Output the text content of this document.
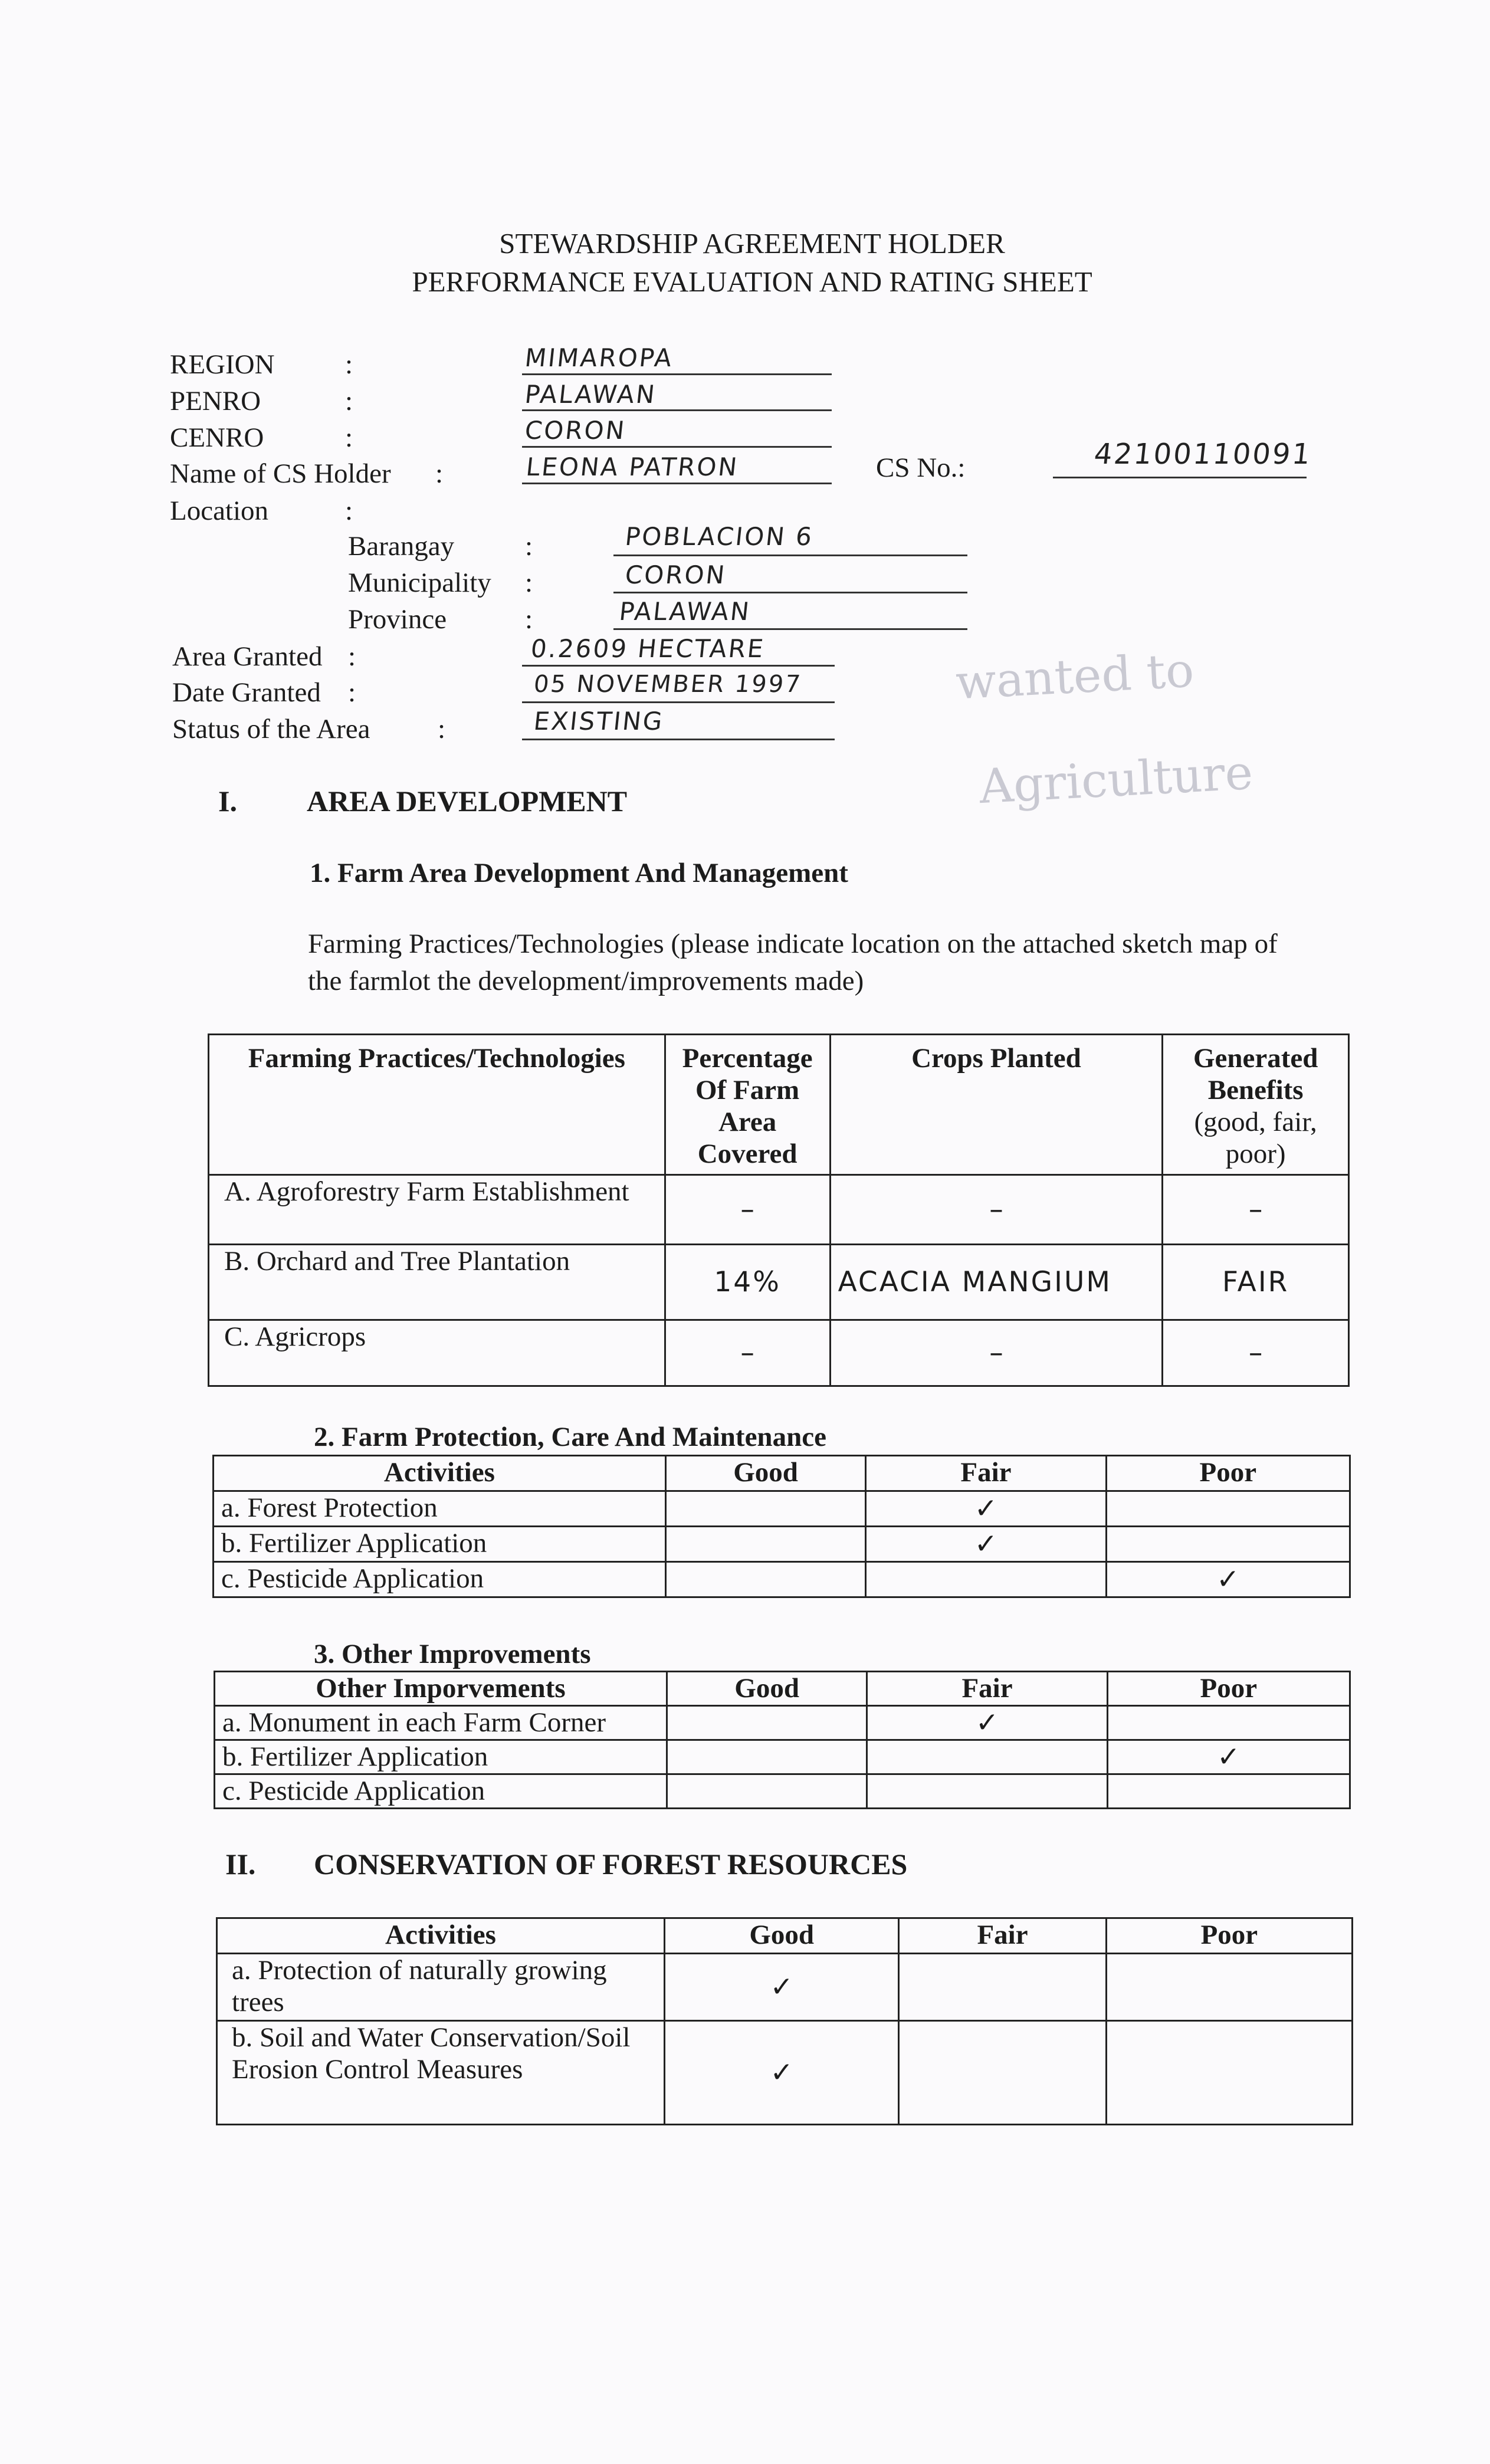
STEWARDSHIP AGREEMENT HOLDER
PERFORMANCE EVALUATION AND RATING SHEET
REGION	:	MIMAROPA
PENRO	:	PALAWAN
CENRO	:	CORON
Name of CS Holder :	LEONA PATRON	CS No.:	42100110091
Location	:
Barangay	:	POBLACION 6
Municipality :	CORON
Province	:	PALAWAN
Area Granted :	0.2609 HECTARE
Date Granted :	05 NOVEMBER 1997
Status of the Area :	EXISTING
wanted to
Agriculture
I. AREA DEVELOPMENT
1. Farm Area Development And Management
Farming Practices/Technologies (please indicate location on the attached sketch map of
the farmlot the development/improvements made)
Farming Practices/Technologies	Percentage Of Farm Area Covered	Crops Planted	Generated Benefits
(good, fair, poor)
A. Agroforestry Farm Establishment	–	–	–
B. Orchard and Tree Plantation	14%	ACACIA MANGIUM	FAIR
C. Agricrops	–	–	–
2. Farm Protection, Care And Maintenance
Activities	Good	Fair	Poor
a. Forest Protection		✓	
b. Fertilizer Application		✓	
c. Pesticide Application			✓
3. Other Improvements
Other Imporvements	Good	Fair	Poor
a. Monument in each Farm Corner		✓	
b. Fertilizer Application			✓
c. Pesticide Application			
II. CONSERVATION OF FOREST RESOURCES
Activities	Good	Fair	Poor
a. Protection of naturally growing trees	✓		
b. Soil and Water Conservation/Soil Erosion Control Measures	✓		
